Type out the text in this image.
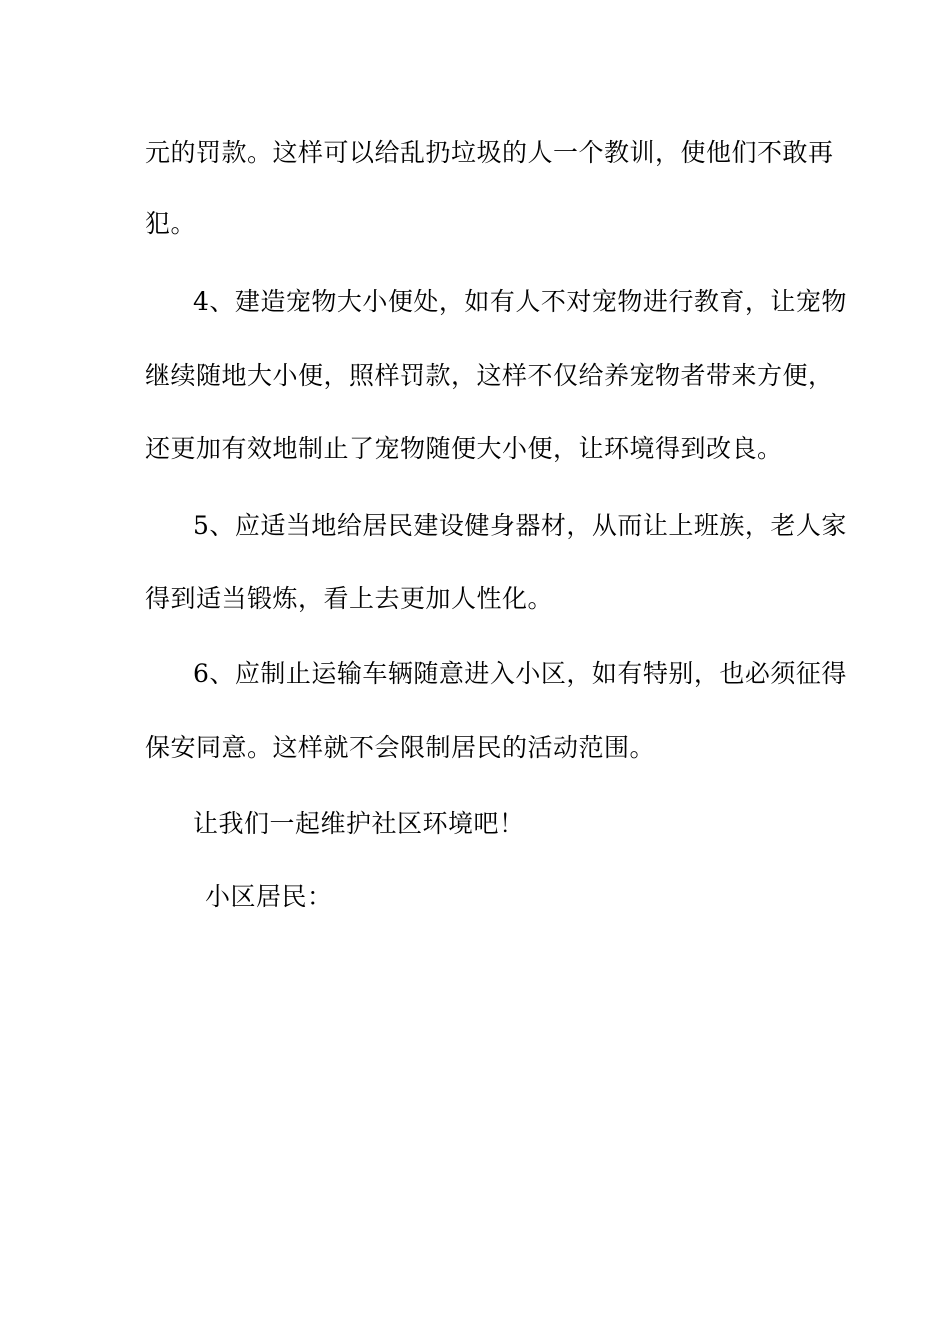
元的罚款。这样可以给乱扔垃圾的人一个教训，使他们不敢再
犯。
4、建造宠物大小便处，如有人不对宠物进行教育，让宠物
继续随地大小便，照样罚款，这样不仅给养宠物者带来方便，
还更加有效地制止了宠物随便大小便，让环境得到改良。
5、应适当地给居民建设健身器材，从而让上班族，老人家
得到适当锻炼，看上去更加人性化。
6、应制止运输车辆随意进入小区，如有特别，也必须征得
保安同意。这样就不会限制居民的活动范围。
让我们一起维护社区环境吧！
小区居民：
